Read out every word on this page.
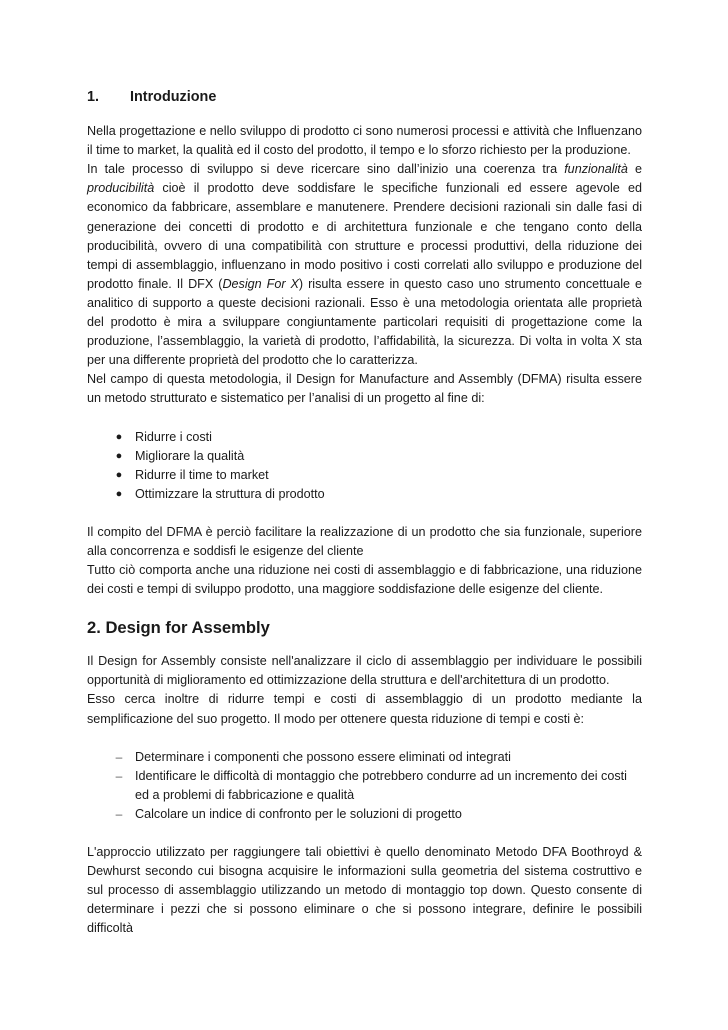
1.	Introduzione

Nella progettazione e nello sviluppo di prodotto ci sono numerosi processi e attività che Influenzano il time to market, la qualità ed il costo del prodotto, il tempo e lo sforzo richiesto per la produzione.

In tale processo di sviluppo si deve ricercare sino dall’inizio una coerenza tra funzionalità e producibilità cioè il prodotto deve soddisfare le specifiche funzionali ed essere agevole ed economico da fabbricare, assemblare e manutenere. Prendere decisioni razionali sin dalle fasi di generazione dei concetti di prodotto e di architettura funzionale e che tengano conto della producibilità, ovvero di una compatibilità con strutture e processi produttivi, della riduzione dei tempi di assemblaggio, influenzano in modo positivo i costi correlati allo sviluppo e produzione del prodotto finale. Il DFX (Design For X) risulta essere in questo caso uno strumento concettuale e analitico di supporto a queste decisioni razionali. Esso è una metodologia orientata alle proprietà del prodotto è mira a sviluppare congiuntamente particolari requisiti di progettazione come la produzione, l’assemblaggio, la varietà di prodotto, l’affidabilità, la sicurezza. Di volta in volta X sta per una differente proprietà del prodotto che lo caratterizza.

Nel campo di questa metodologia, il Design for Manufacture and Assembly (DFMA) risulta essere un metodo strutturato e sistematico per l’analisi di un progetto al fine di:

●	Ridurre i costi
●	Migliorare la qualità
●	Ridurre il time to market
●	Ottimizzare la struttura di prodotto

Il compito del DFMA è perciò facilitare la realizzazione di un prodotto che sia funzionale, superiore alla concorrenza e soddisfi le esigenze del cliente

Tutto ciò comporta anche una riduzione nei costi di assemblaggio e di fabbricazione, una riduzione dei costi e tempi di sviluppo prodotto, una maggiore soddisfazione delle esigenze del cliente.

2. Design for Assembly

Il Design for Assembly consiste nell'analizzare il ciclo di assemblaggio per individuare le possibili opportunità di miglioramento ed ottimizzazione della struttura e dell'architettura di un prodotto.

Esso cerca inoltre di ridurre tempi e costi di assemblaggio di un prodotto mediante la semplificazione del suo progetto. Il modo per ottenere questa riduzione di tempi e costi è:

–	Determinare i componenti che possono essere eliminati od integrati
–	Identificare le difficoltà di montaggio che potrebbero condurre ad un incremento dei costi ed a problemi di fabbricazione e qualità
–	Calcolare un indice di confronto per le soluzioni di progetto

L'approccio utilizzato per raggiungere tali obiettivi è quello denominato Metodo DFA Boothroyd & Dewhurst secondo cui bisogna acquisire le informazioni sulla geometria del sistema costruttivo e sul processo di assemblaggio utilizzando un metodo di montaggio top down. Questo consente di determinare i pezzi che si possono eliminare o che si possono integrare, definire le possibili difficoltà
